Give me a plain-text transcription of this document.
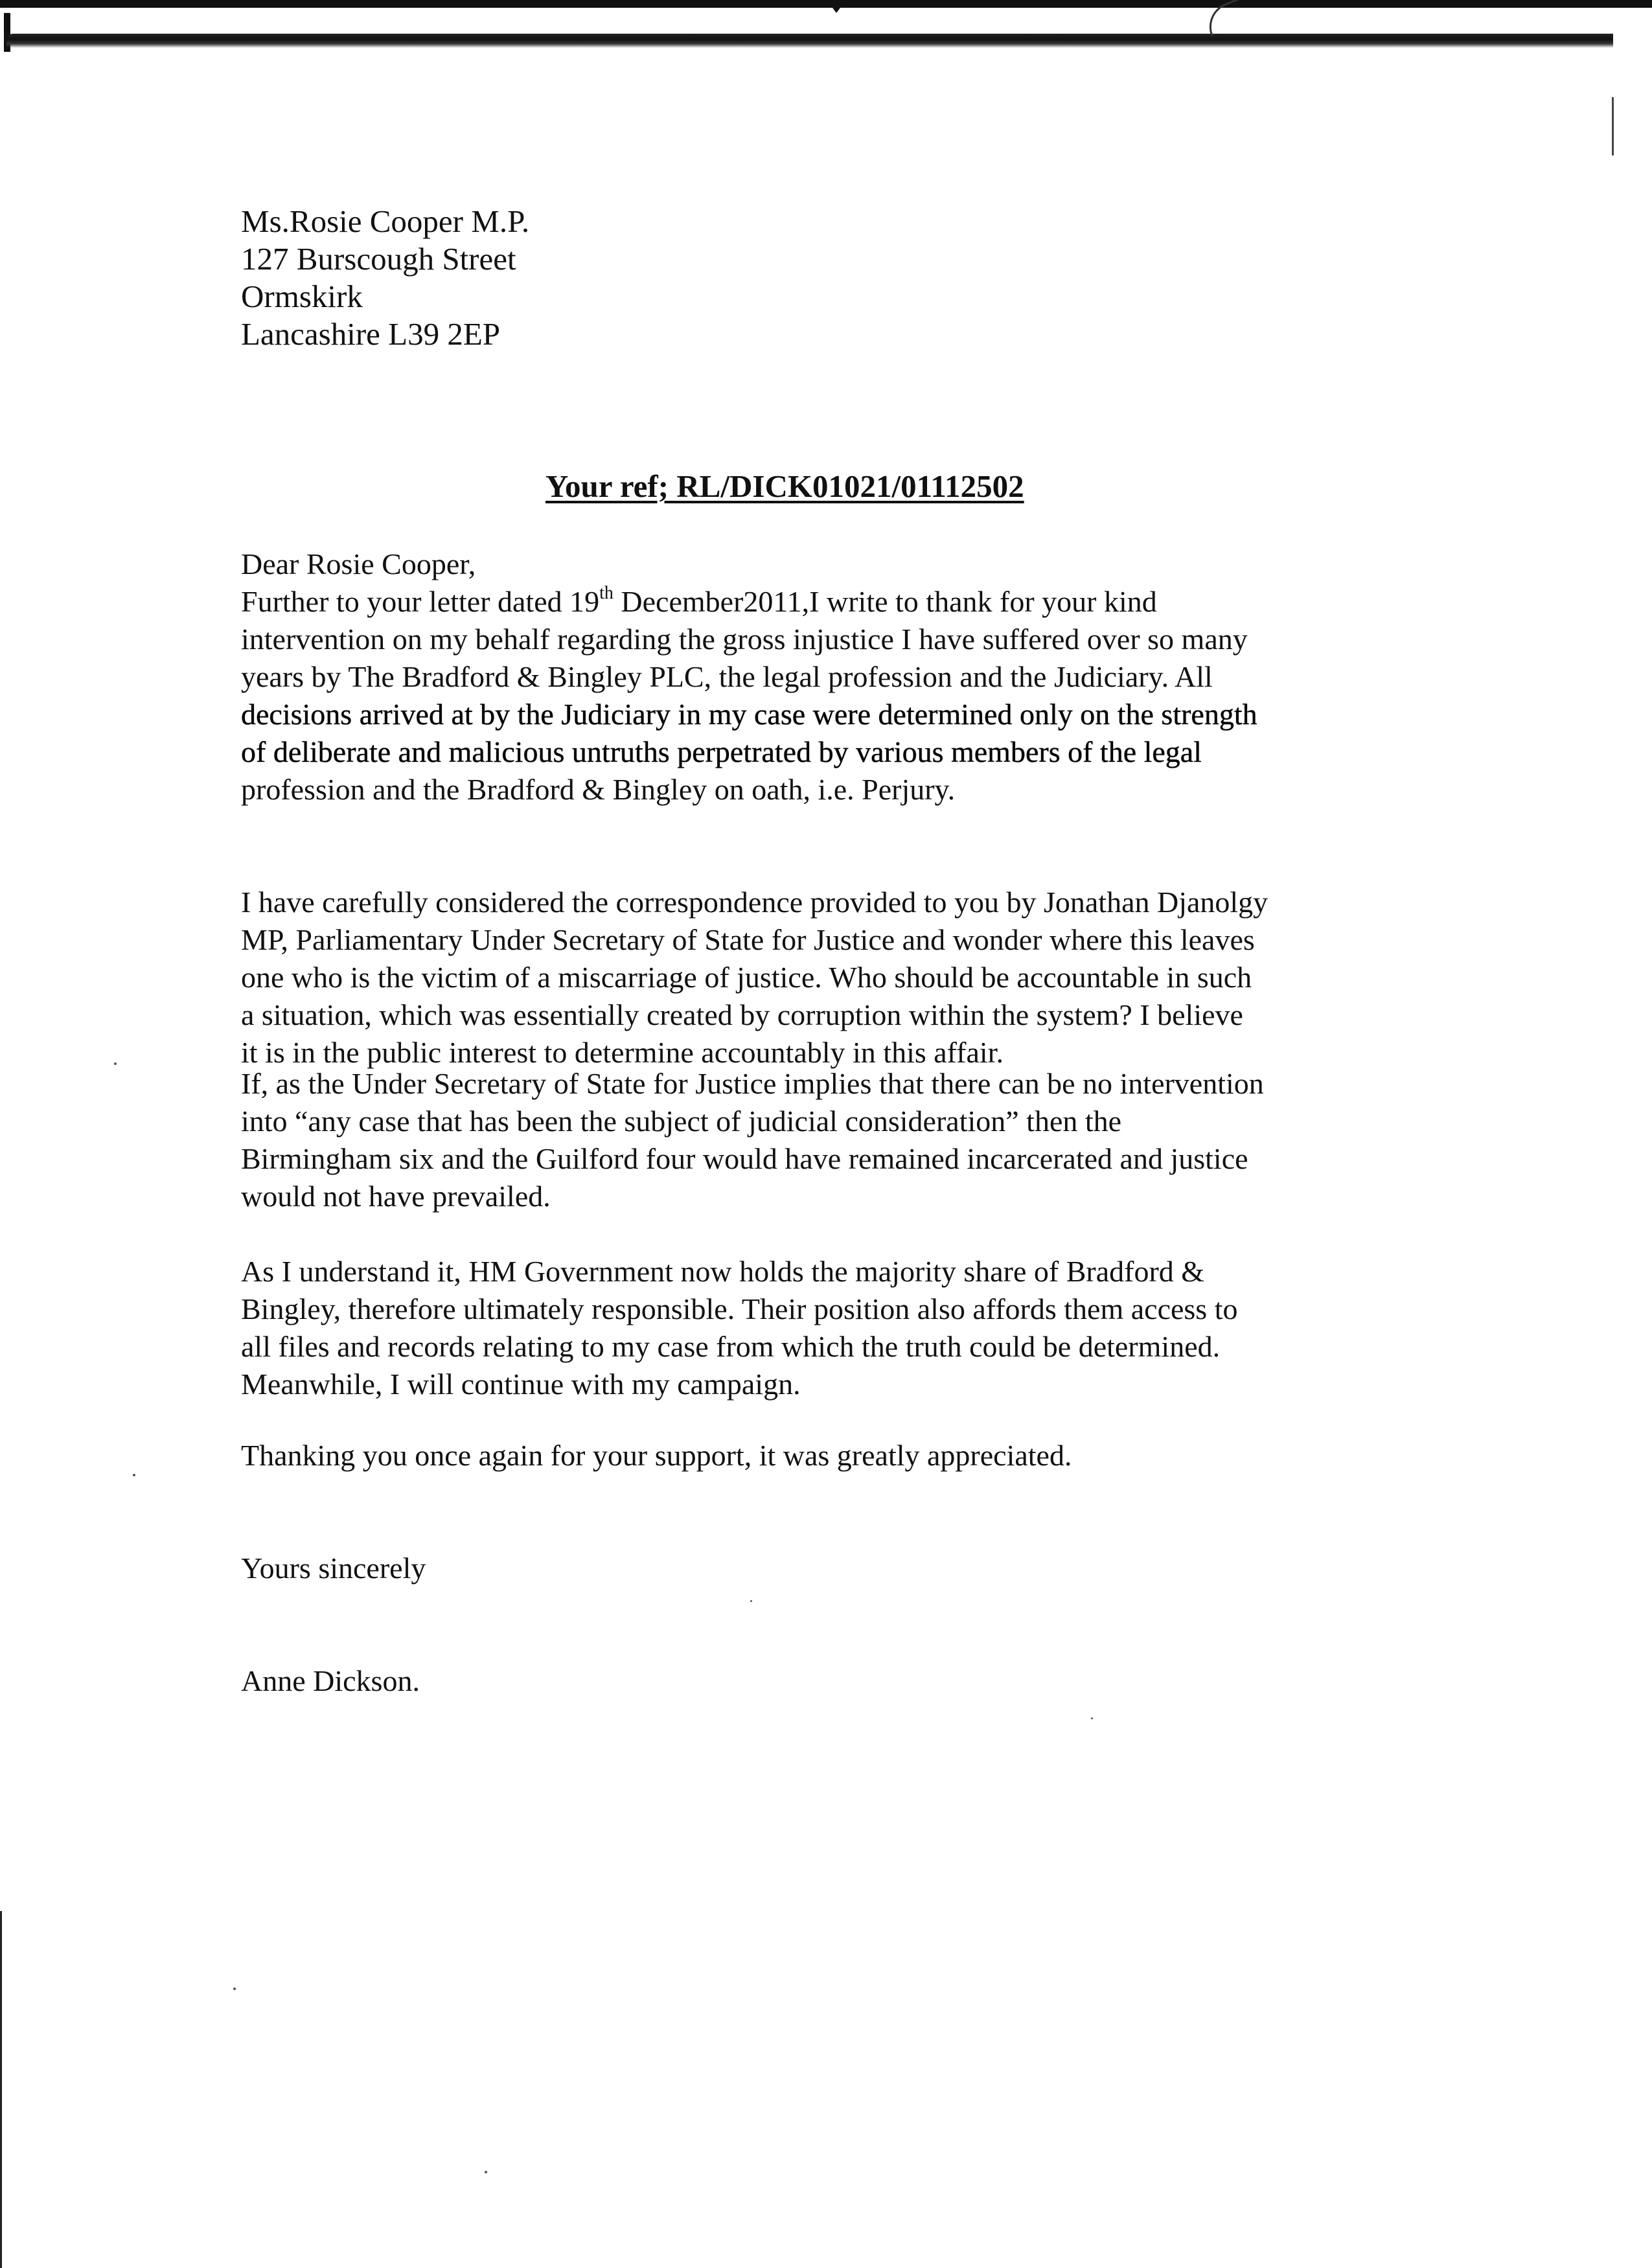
Ms.Rosie Cooper M.P.
127 Burscough Street
Ormskirk
Lancashire L39 2EP
Your ref; RL/DICK01021/01112502
Dear Rosie Cooper,
Further to your letter dated 19th December2011,I write to thank for your kind
intervention on my behalf regarding the gross injustice I have suffered over so many
years by The Bradford & Bingley PLC, the legal profession and the Judiciary. All
decisions arrived at by the Judiciary in my case were determined only on the strength
of deliberate and malicious untruths perpetrated by various members of the legal
profession and the Bradford & Bingley on oath, i.e. Perjury.
I have carefully considered the correspondence provided to you by Jonathan Djanolgy
MP, Parliamentary Under Secretary of State for Justice and wonder where this leaves
one who is the victim of a miscarriage of justice. Who should be accountable in such
a situation, which was essentially created by corruption within the system? I believe
it is in the public interest to determine accountably in this affair.
If, as the Under Secretary of State for Justice implies that there can be no intervention
into “any case that has been the subject of judicial consideration” then the
Birmingham six and the Guilford four would have remained incarcerated and justice
would not have prevailed.
As I understand it, HM Government now holds the majority share of Bradford &
Bingley, therefore ultimately responsible. Their position also affords them access to
all files and records relating to my case from which the truth could be determined.
Meanwhile, I will continue with my campaign.
Thanking you once again for your support, it was greatly appreciated.
Yours sincerely
Anne Dickson.
